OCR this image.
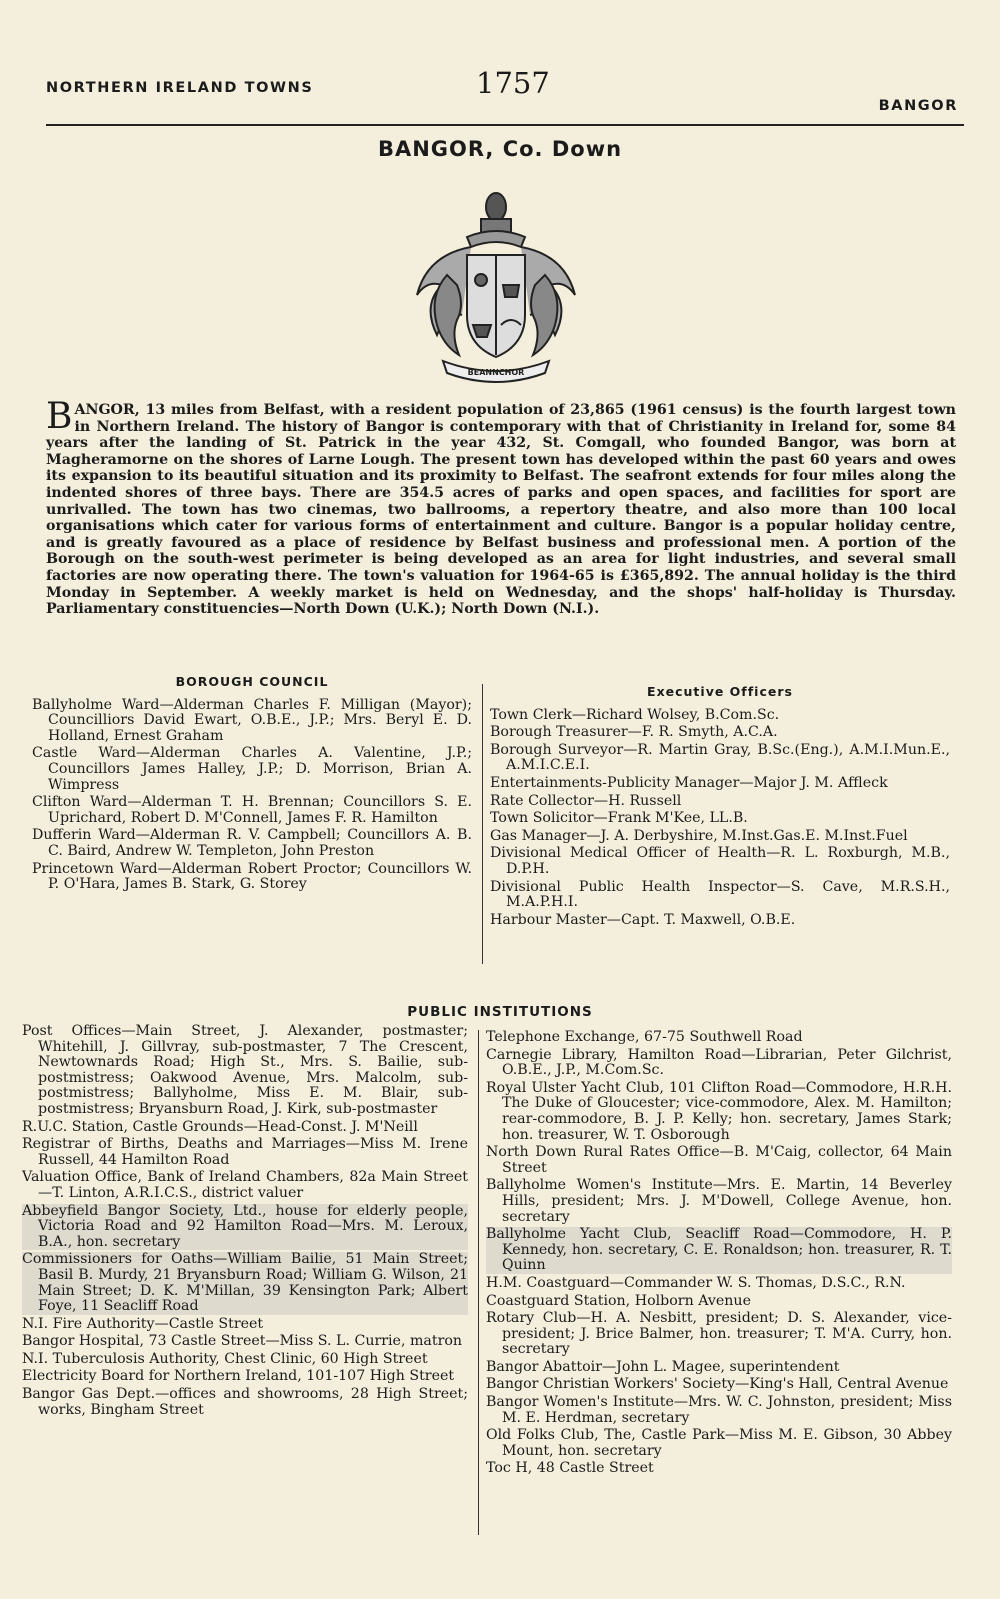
NORTHERN IRELAND TOWNS	1757
BANGOR
BANGOR, Co. Down
BEANNCHOR

BANGOR, 13 miles from Belfast, with a resident population of 23,865 (1961 census) is the fourth largest town in Northern Ireland. The history of Bangor is contemporary with that of Christianity in Ireland for, some 84 years after the landing of St. Patrick in the year 432, St. Comgall, who founded Bangor, was born at Magheramorne on the shores of Larne Lough. The present town has developed within the past 60 years and owes its expansion to its beautiful situation and its proximity to Belfast. The seafront extends for four miles along the indented shores of three bays. There are 354.5 acres of parks and open spaces, and facilities for sport are unrivalled. The town has two cinemas, two ballrooms, a repertory theatre, and also more than 100 local organisations which cater for various forms of entertainment and culture. Bangor is a popular holiday centre, and is greatly favoured as a place of residence by Belfast business and professional men. A portion of the Borough on the south-west perimeter is being developed as an area for light industries, and several small factories are now operating there. The town's valuation for 1964-65 is £365,892. The annual holiday is the third Monday in September. A weekly market is held on Wednesday, and the shops' half-holiday is Thursday. Parliamentary constituencies—North Down (U.K.); North Down (N.I.).

BOROUGH COUNCIL

Ballyholme Ward—Alderman Charles F. Milligan (Mayor); Councilliors David Ewart, O.B.E., J.P.; Mrs. Beryl E. D. Holland, Ernest Graham

Castle Ward—Alderman Charles A. Valentine, J.P.; Councillors James Halley, J.P.; D. Morrison, Brian A. Wimpress

Clifton Ward—Alderman T. H. Brennan; Councillors S. E. Uprichard, Robert D. M'Connell, James F. R. Hamilton

Dufferin Ward—Alderman R. V. Campbell; Councillors A. B. C. Baird, Andrew W. Templeton, John Preston

Princetown Ward—Alderman Robert Proctor; Councillors W. P. O'Hara, James B. Stark, G. Storey

Executive Officers

Town Clerk—Richard Wolsey, B.Com.Sc.

Borough Treasurer—F. R. Smyth, A.C.A.

Borough Surveyor—R. Martin Gray, B.Sc.(Eng.), A.M.I.Mun.E., A.M.I.C.E.I.

Entertainments-Publicity Manager—Major J. M. Affleck

Rate Collector—H. Russell

Town Solicitor—Frank M'Kee, LL.B.

Gas Manager—J. A. Derbyshire, M.Inst.Gas.E. M.Inst.Fuel

Divisional Medical Officer of Health—R. L. Roxburgh, M.B., D.P.H.

Divisional Public Health Inspector—S. Cave, M.R.S.H., M.A.P.H.I.

Harbour Master—Capt. T. Maxwell, O.B.E.

PUBLIC INSTITUTIONS

Post Offices—Main Street, J. Alexander, postmaster; Whitehill, J. Gillvray, sub-postmaster, 7 The Crescent, Newtownards Road; High St., Mrs. S. Bailie, sub-postmistress; Oakwood Avenue, Mrs. Malcolm, sub-postmistress; Ballyholme, Miss E. M. Blair, sub-postmistress; Bryansburn Road, J. Kirk, sub-postmaster

R.U.C. Station, Castle Grounds—Head-Const. J. M'Neill

Registrar of Births, Deaths and Marriages—Miss M. Irene Russell, 44 Hamilton Road

Valuation Office, Bank of Ireland Chambers, 82a Main Street—T. Linton, A.R.I.C.S., district valuer

Abbeyfield Bangor Society, Ltd., house for elderly people, Victoria Road and 92 Hamilton Road—Mrs. M. Leroux, B.A., hon. secretary

Commissioners for Oaths—William Bailie, 51 Main Street; Basil B. Murdy, 21 Bryansburn Road; William G. Wilson, 21 Main Street; D. K. M'Millan, 39 Kensington Park; Albert Foye, 11 Seacliff Road

N.I. Fire Authority—Castle Street

Bangor Hospital, 73 Castle Street—Miss S. L. Currie, matron

N.I. Tuberculosis Authority, Chest Clinic, 60 High Street

Electricity Board for Northern Ireland, 101-107 High Street

Bangor Gas Dept.—offices and showrooms, 28 High Street; works, Bingham Street

Telephone Exchange, 67-75 Southwell Road

Carnegie Library, Hamilton Road—Librarian, Peter Gilchrist, O.B.E., J.P., M.Com.Sc.

Royal Ulster Yacht Club, 101 Clifton Road—Commodore, H.R.H. The Duke of Gloucester; vice-commodore, Alex. M. Hamilton; rear-commodore, B. J. P. Kelly; hon. secretary, James Stark; hon. treasurer, W. T. Osborough

North Down Rural Rates Office—B. M'Caig, collector, 64 Main Street

Ballyholme Women's Institute—Mrs. E. Martin, 14 Beverley Hills, president; Mrs. J. M'Dowell, College Avenue, hon. secretary

Ballyholme Yacht Club, Seacliff Road—Commodore, H. P. Kennedy, hon. secretary, C. E. Ronaldson; hon. treasurer, R. T. Quinn

H.M. Coastguard—Commander W. S. Thomas, D.S.C., R.N.

Coastguard Station, Holborn Avenue

Rotary Club—H. A. Nesbitt, president; D. S. Alexander, vice-president; J. Brice Balmer, hon. treasurer; T. M'A. Curry, hon. secretary

Bangor Abattoir—John L. Magee, superintendent

Bangor Christian Workers' Society—King's Hall, Central Avenue

Bangor Women's Institute—Mrs. W. C. Johnston, president; Miss M. E. Herdman, secretary

Old Folks Club, The, Castle Park—Miss M. E. Gibson, 30 Abbey Mount, hon. secretary

Toc H, 48 Castle Street
